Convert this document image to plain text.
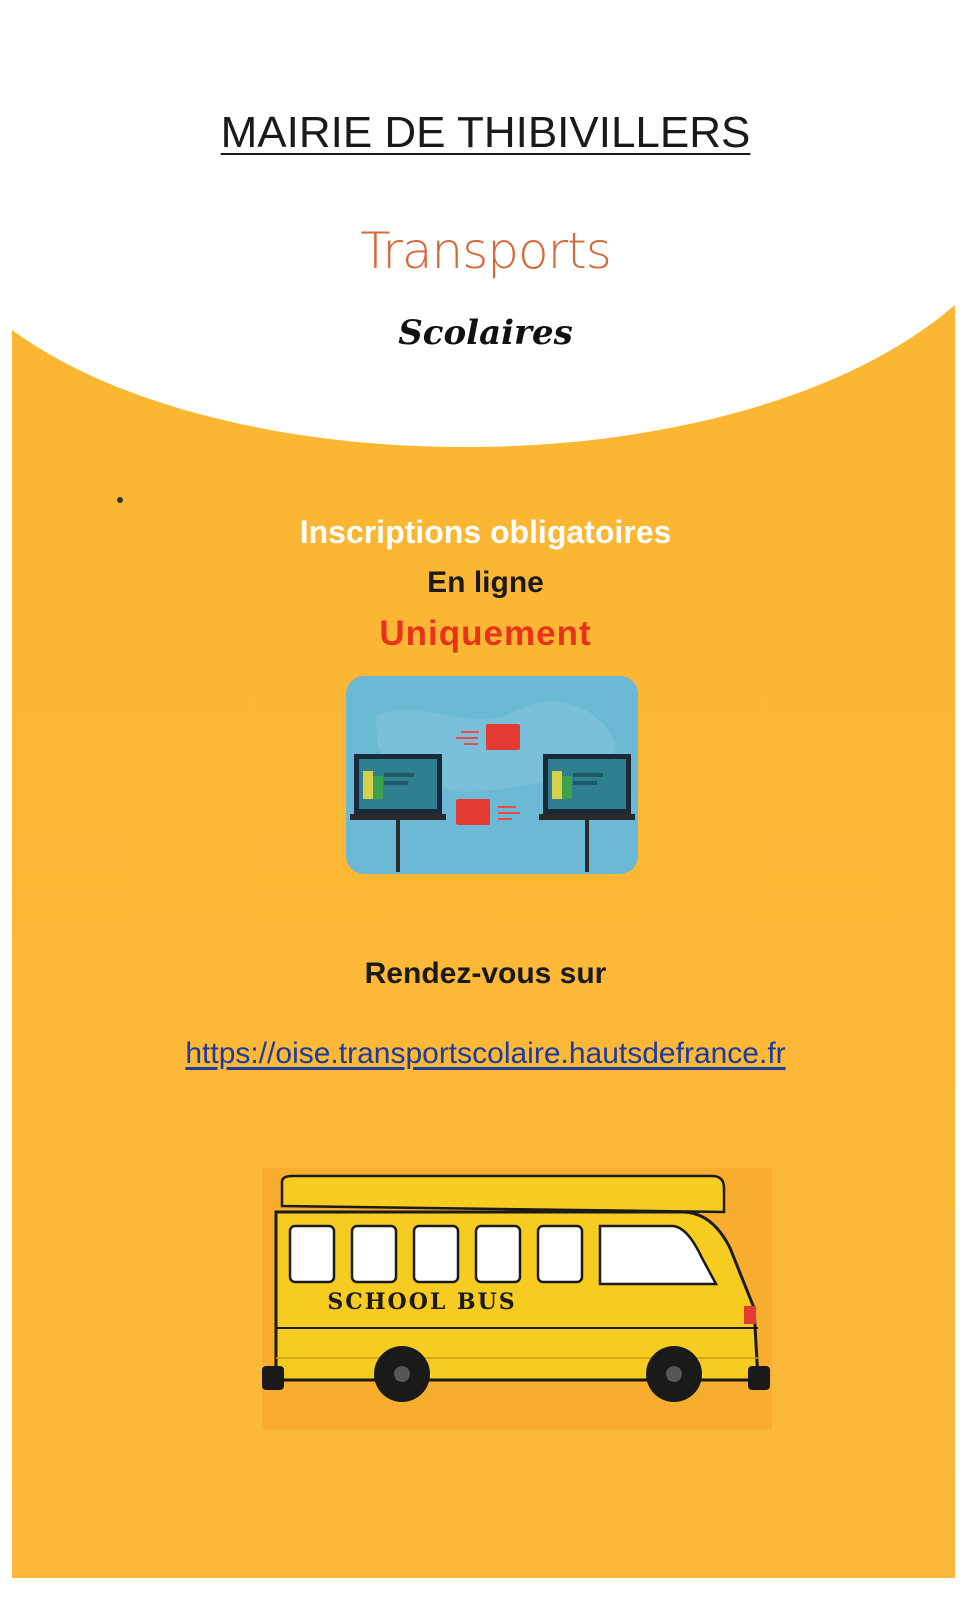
MAIRIE DE THIBIVILLERS
Transports
Scolaires
Inscriptions obligatoires
En ligne
Uniquement
Rendez-vous sur
https://oise.transportscolaire.hautsdefrance.fr
SCHOOL BUS
